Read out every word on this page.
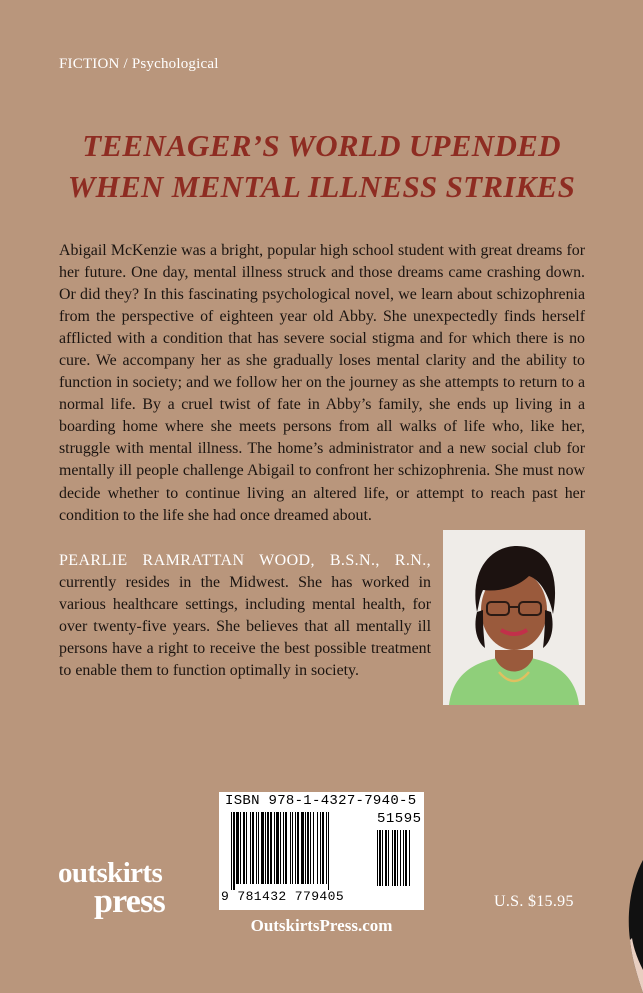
FICTION / Psychological
TEENAGER’S WORLD UPENDED
WHEN MENTAL ILLNESS STRIKES

Abigail McKenzie was a bright, popular high school student with great dreams for her future. One day, mental illness struck and those dreams came crashing down. Or did they? In this fascinating psychological novel, we learn about schizophrenia from the perspective of eighteen year old Abby. She unexpectedly finds herself afflicted with a condition that has severe social stigma and for which there is no cure. We accompany her as she gradually loses mental clarity and the ability to function in society; and we follow her on the journey as she attempts to return to a normal life. By a cruel twist of fate in Abby’s family, she ends up living in a boarding home where she meets persons from all walks of life who, like her, struggle with mental illness. The home’s administrator and a new social club for mentally ill people challenge Abigail to confront her schizophrenia. She must now decide whether to continue living an altered life, or attempt to reach past her condition to the life she had once dreamed about.

PEARLIE RAMRATTAN WOOD, B.S.N., R.N., currently resides in the Midwest. She has worked in various healthcare settings, including mental health, for over twenty-five years. She believes that all mentally ill persons have a right to receive the best possible treatment to enable them to function optimally in society.

ISBN 978-1-4327-7940-5
51595
9 781432 779405
outskirts
press	U.S. $15.95
OutskirtsPress.com
